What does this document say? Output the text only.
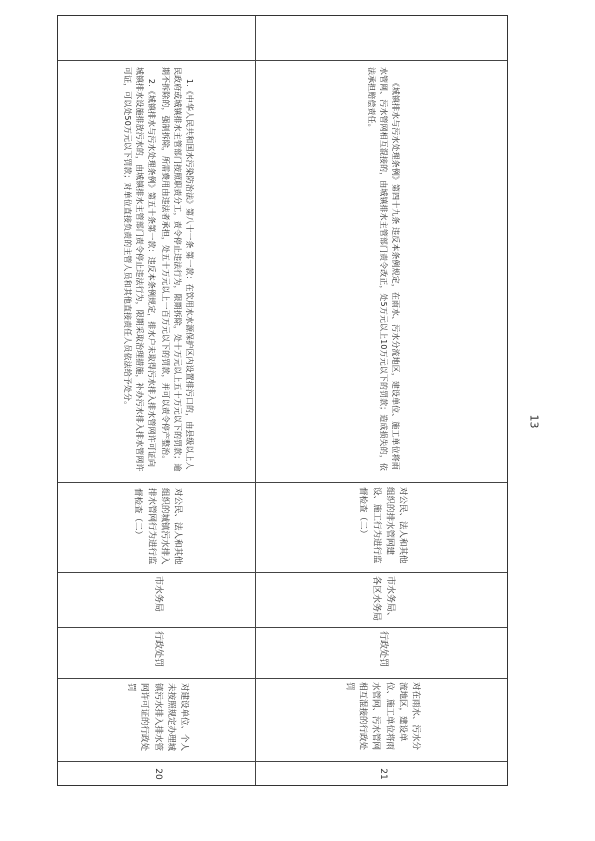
1.《中华人民共和国水污染防治法》第八十一条 第一款：在饮用水水源保护区内设置排污口的，由县级以上人民政府或城镇排水主管部门按照职责分工，责令停止违法行为，限期拆除，处十万元以上五十万元以下的罚款；逾期不拆除的，强制拆除，所需费用由违法者承担，处五十万元以上一百万元以下的罚款，并可以责令停产整治。

2.《城镇排水与污水处理条例》第五十条第一款：违反本条例规定，排水户未取得污水排入排水管网许可证向城镇排水设施排放污水的，由城镇排水主管部门责令停止违法行为，限期采取治理措施，补办污水排入排水管网许可证，可以处50万元以下罚款；对单位直接负责的主管人员和其他直接责任人员依法给予处分。

对公民、法人和其他组织的城镇污水排入排水管网行为进行监督检查（二）
市水务局
行政处罚
对建设单位、个人未按照规定办理城镇污水排入排水管网许可证的行政处罚
20

《城镇排水与污水处理条例》第四十九条 违反本条例规定，在雨水、污水分流地区，建设单位、施工单位将雨水管网、污水管网相互混接的，由城镇排水主管部门责令改正，处5万元以上10万元以下的罚款；造成损失的，依法承担赔偿责任。

对公民、法人和其他组织的排水管网建设、施工行为进行监督检查（二）
市水务局、各区水务局
行政处罚
对在雨水、污水分流地区，建设单位、施工单位将雨水管网、污水管网相互混接的行政处罚
21
13
